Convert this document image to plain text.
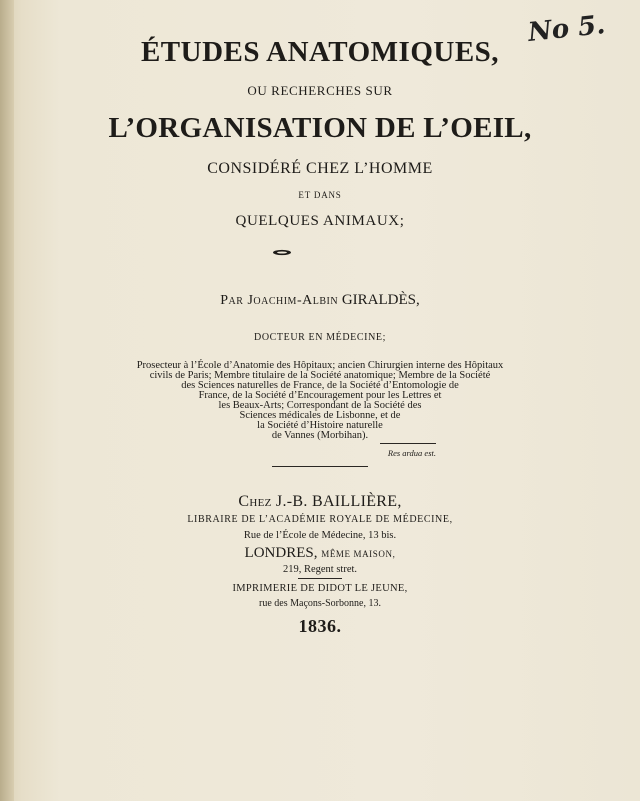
No 5.
ÉTUDES ANATOMIQUES,
OU RECHERCHES SUR
L’ORGANISATION DE L’OEIL,
CONSIDÉRÉ CHEZ L’HOMME
ET DANS
QUELQUES ANIMAUX;
Par Joachim-Albin GIRALDÈS,
DOCTEUR EN MÉDECINE;
Prosecteur à l’École d’Anatomie des Hôpitaux; ancien Chirurgien interne des Hôpitaux
civils de Paris; Membre titulaire de la Société anatomique; Membre de la Société
des Sciences naturelles de France, de la Société d’Entomologie de
France, de la Société d’Encouragement pour les Lettres et
les Beaux-Arts; Correspondant de la Société des
Sciences médicales de Lisbonne, et de
la Société d’Histoire naturelle
de Vannes (Morbihan).
Res ardua est.
Chez J.-B. BAILLIÈRE,
LIBRAIRE DE L’ACADÉMIE ROYALE DE MÉDECINE,
Rue de l’École de Médecine, 13 bis.
LONDRES, MÊME MAISON,
219, Regent stret.
IMPRIMERIE DE DIDOT LE JEUNE,
rue des Maçons-Sorbonne, 13.
1836.
